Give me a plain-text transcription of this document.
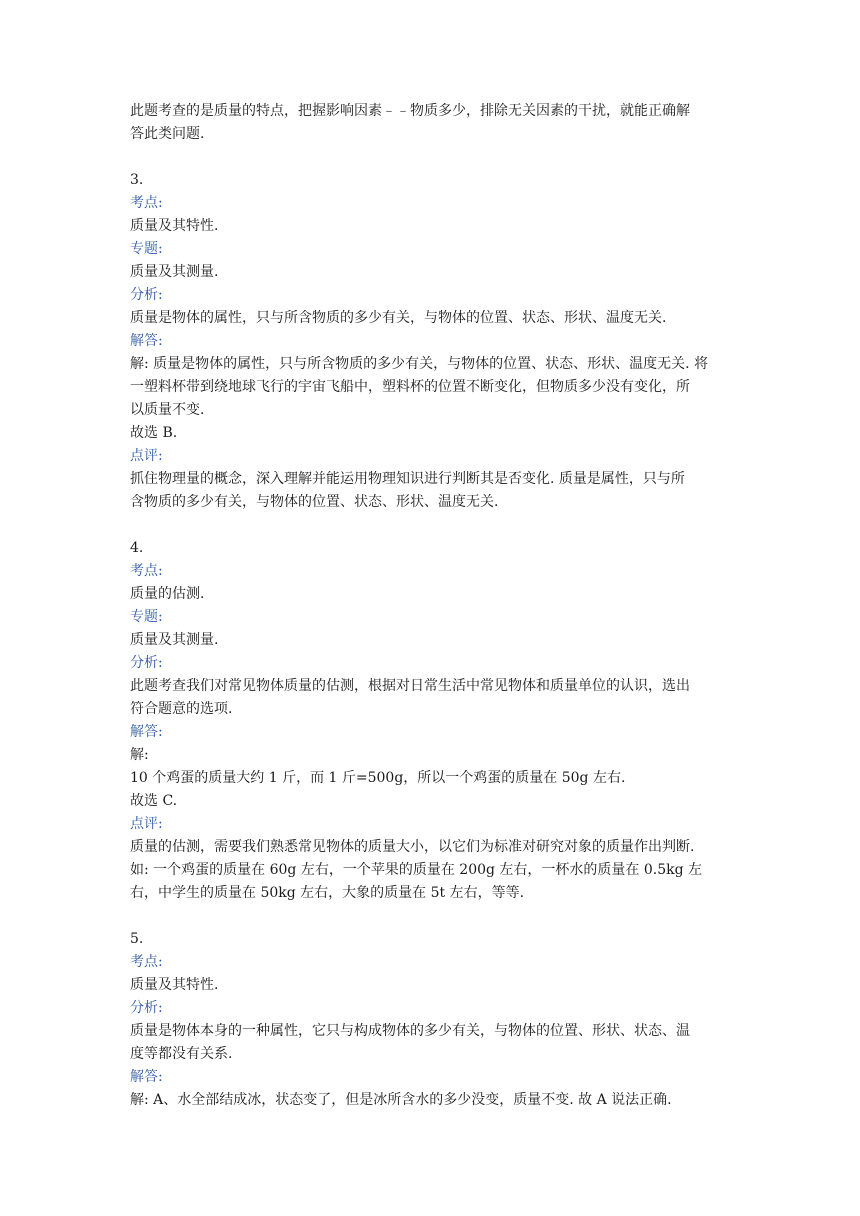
此题考查的是质量的特点，把握影响因素﹣﹣物质多少，排除无关因素的干扰，就能正确解

答此类问题.

3.

考点:

质量及其特性.

专题:

质量及其测量.

分析:

质量是物体的属性，只与所含物质的多少有关，与物体的位置、状态、形状、温度无关.

解答:

解: 质量是物体的属性，只与所含物质的多少有关，与物体的位置、状态、形状、温度无关. 将

一塑料杯带到绕地球飞行的宇宙飞船中，塑料杯的位置不断变化，但物质多少没有变化，所

以质量不变.

故选 B.

点评:

抓住物理量的概念，深入理解并能运用物理知识进行判断其是否变化. 质量是属性，只与所

含物质的多少有关，与物体的位置、状态、形状、温度无关.

4.

考点:

质量的估测.

专题:

质量及其测量.

分析:

此题考查我们对常见物体质量的估测，根据对日常生活中常见物体和质量单位的认识，选出

符合题意的选项.

解答:

解:

10 个鸡蛋的质量大约 1 斤，而 1 斤=500g，所以一个鸡蛋的质量在 50g 左右.

故选 C.

点评:

质量的估测，需要我们熟悉常见物体的质量大小，以它们为标准对研究对象的质量作出判断.

如: 一个鸡蛋的质量在 60g 左右，一个苹果的质量在 200g 左右，一杯水的质量在 0.5kg 左

右，中学生的质量在 50kg 左右，大象的质量在 5t 左右，等等.

5.

考点:

质量及其特性.

分析:

质量是物体本身的一种属性，它只与构成物体的多少有关，与物体的位置、形状、状态、温

度等都没有关系.

解答:

解: A、水全部结成冰，状态变了，但是冰所含水的多少没变，质量不变. 故 A 说法正确.
